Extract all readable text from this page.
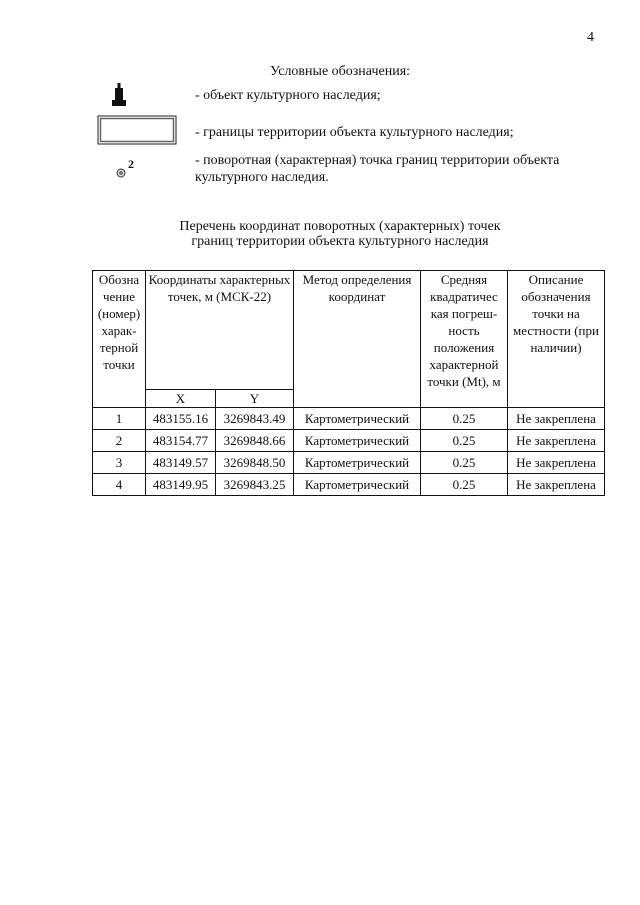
4
Условные обозначения:
2
- объект культурного наследия;
- границы территории объекта культурного наследия;
- поворотная (характерная) точка границ территории объекта культурного наследия.
Перечень координат поворотных (характерных) точек
границ территории объекта культурного наследия
Обозна чение (номер) харак- терной точки	Координаты характерных точек, м (МСК-22)		Метод определения координат	Средняя квадратичес кая погреш- ность положения характерной точки (Mt), м	Описание обозначения точки на местности (при наличии)
	X	Y			
1	483155.16	3269843.49	Картометрический	0.25	Не закреплена
2	483154.77	3269848.66	Картометрический	0.25	Не закреплена
3	483149.57	3269848.50	Картометрический	0.25	Не закреплена
4	483149.95	3269843.25	Картометрический	0.25	Не закреплена
